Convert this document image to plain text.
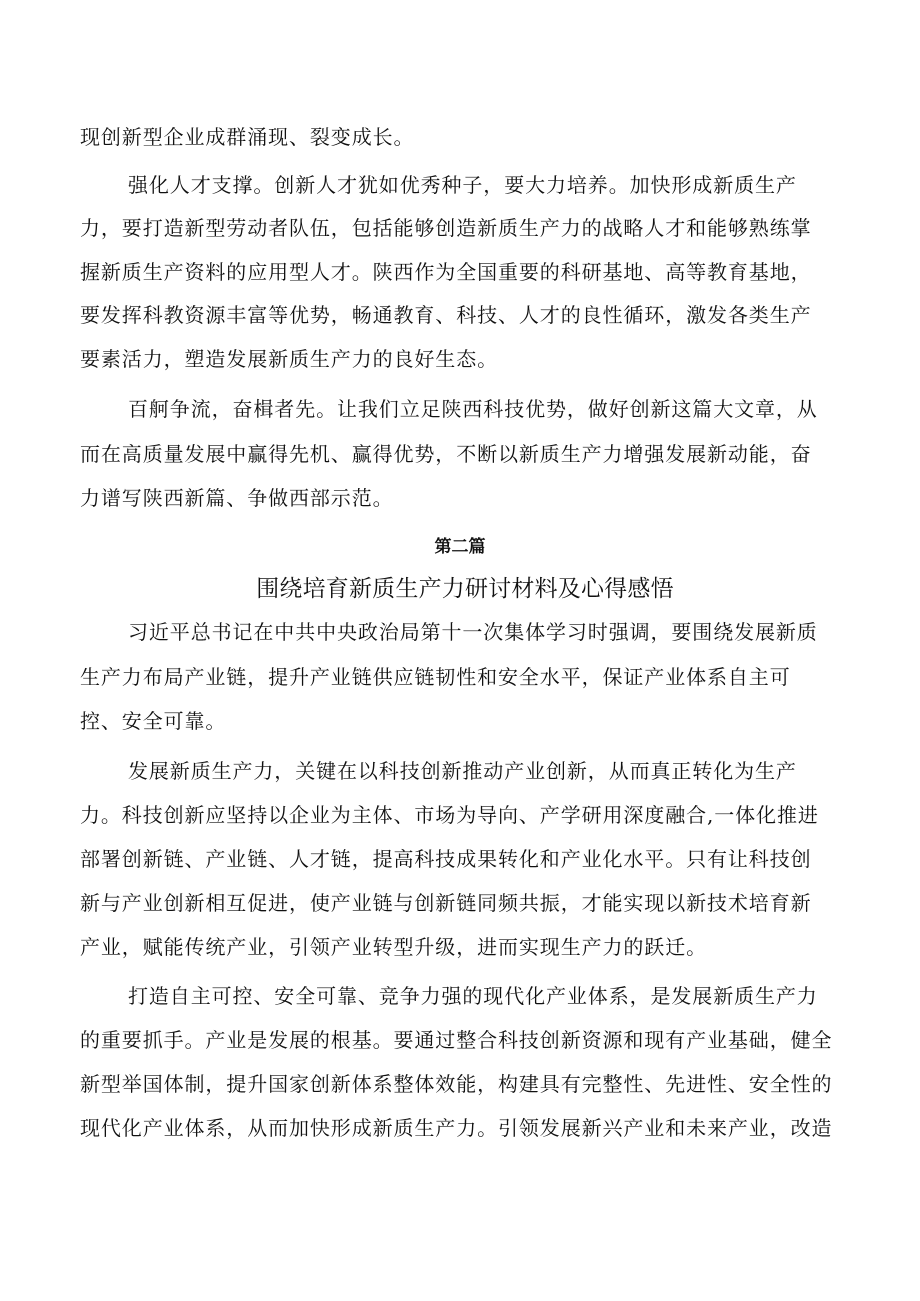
现创新型企业成群涌现、裂变成长。
强化人才支撑。创新人才犹如优秀种子，要大力培养。加快形成新质生产
力，要打造新型劳动者队伍，包括能够创造新质生产力的战略人才和能够熟练掌
握新质生产资料的应用型人才。陕西作为全国重要的科研基地、高等教育基地，
要发挥科教资源丰富等优势，畅通教育、科技、人才的良性循环，激发各类生产
要素活力，塑造发展新质生产力的良好生态。
百舸争流，奋楫者先。让我们立足陕西科技优势，做好创新这篇大文章，从
而在高质量发展中赢得先机、赢得优势，不断以新质生产力增强发展新动能，奋
力谱写陕西新篇、争做西部示范。
第二篇
围绕培育新质生产力研讨材料及心得感悟
习近平总书记在中共中央政治局第十一次集体学习时强调，要围绕发展新质
生产力布局产业链，提升产业链供应链韧性和安全水平，保证产业体系自主可
控、安全可靠。
发展新质生产力，关键在以科技创新推动产业创新，从而真正转化为生产
力。科技创新应坚持以企业为主体、市场为导向、产学研用深度融合,一体化推进
部署创新链、产业链、人才链，提高科技成果转化和产业化水平。只有让科技创
新与产业创新相互促进，使产业链与创新链同频共振，才能实现以新技术培育新
产业，赋能传统产业，引领产业转型升级，进而实现生产力的跃迁。
打造自主可控、安全可靠、竞争力强的现代化产业体系，是发展新质生产力
的重要抓手。产业是发展的根基。要通过整合科技创新资源和现有产业基础，健全
新型举国体制，提升国家创新体系整体效能，构建具有完整性、先进性、安全性的
现代化产业体系，从而加快形成新质生产力。引领发展新兴产业和未来产业，改造
